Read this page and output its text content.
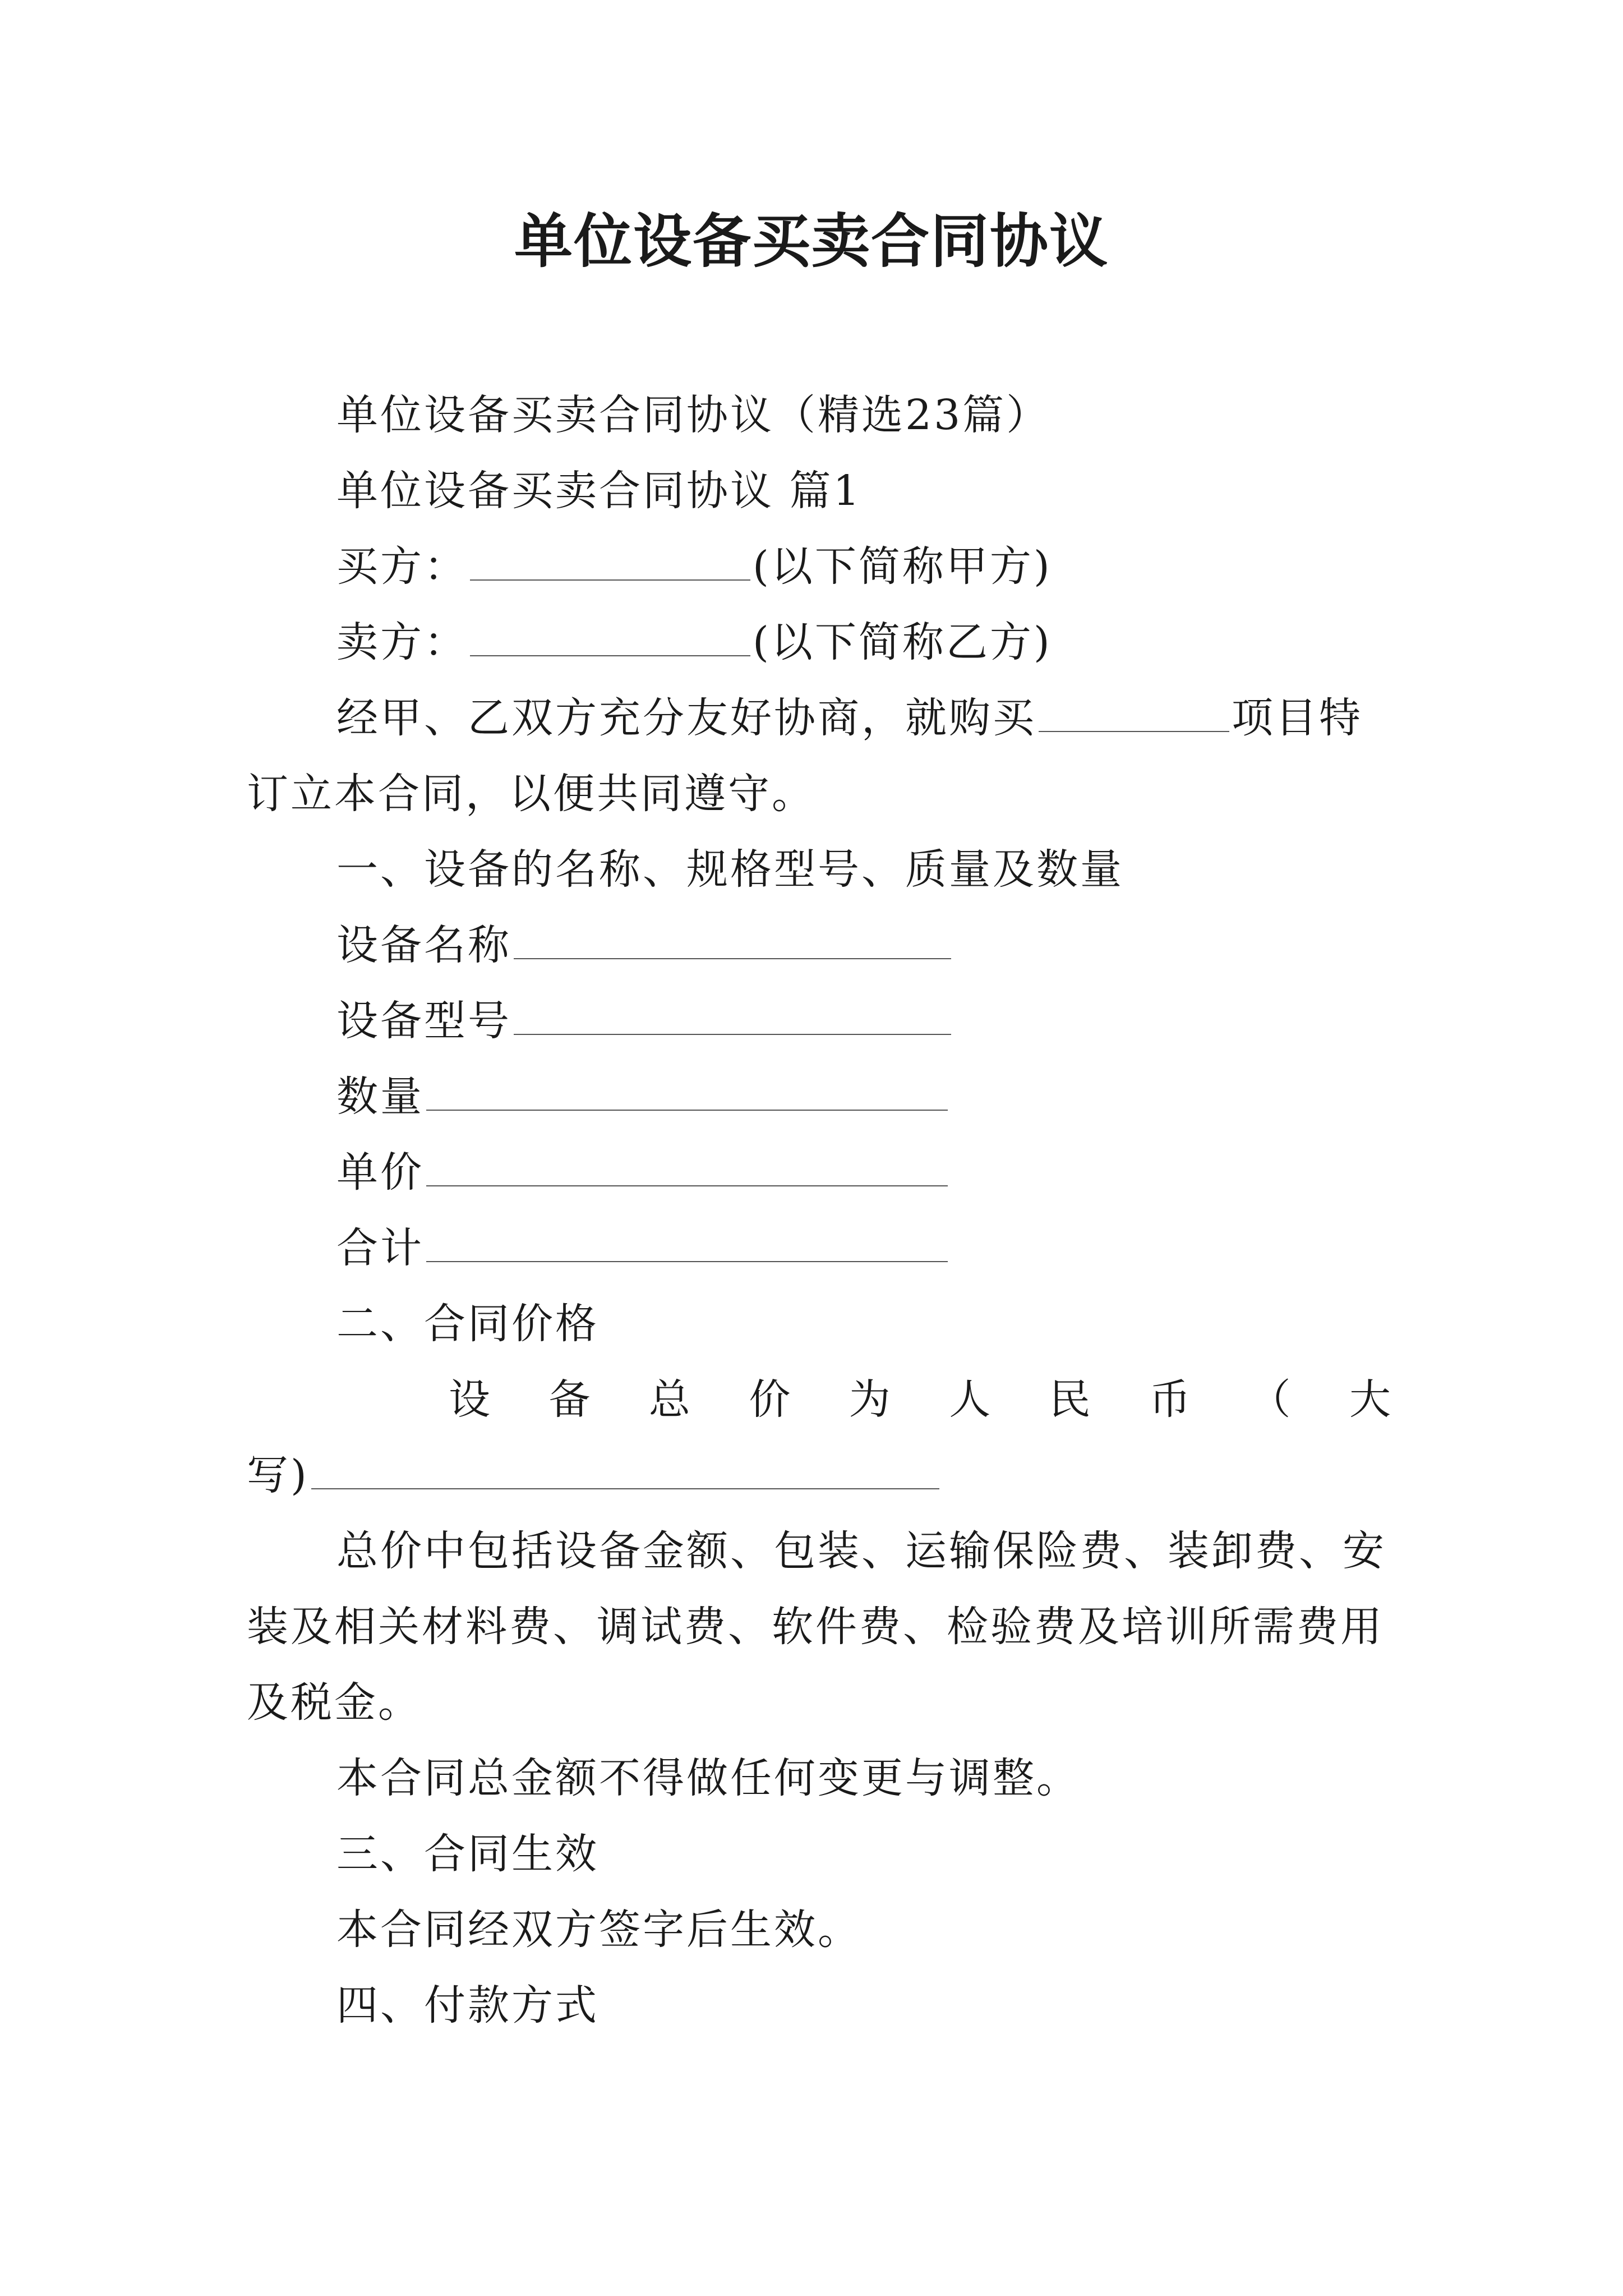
单位设备买卖合同协议
单位设备买卖合同协议（精选23篇）
单位设备买卖合同协议 篇1
买方：	(以下简称甲方)
卖方：	(以下简称乙方)
经甲、乙双方充分友好协商，就购买	项目特
订立本合同，以便共同遵守。
一、设备的名称、规格型号、质量及数量
设备名称
设备型号
数量
单价
合计
二、合同价格
设 备 总 价 为 人 民 币 （ 大
写)
总价中包括设备金额、包装、运输保险费、装卸费、安
装及相关材料费、调试费、软件费、检验费及培训所需费用
及税金。
本合同总金额不得做任何变更与调整。
三、合同生效
本合同经双方签字后生效。
四、付款方式
